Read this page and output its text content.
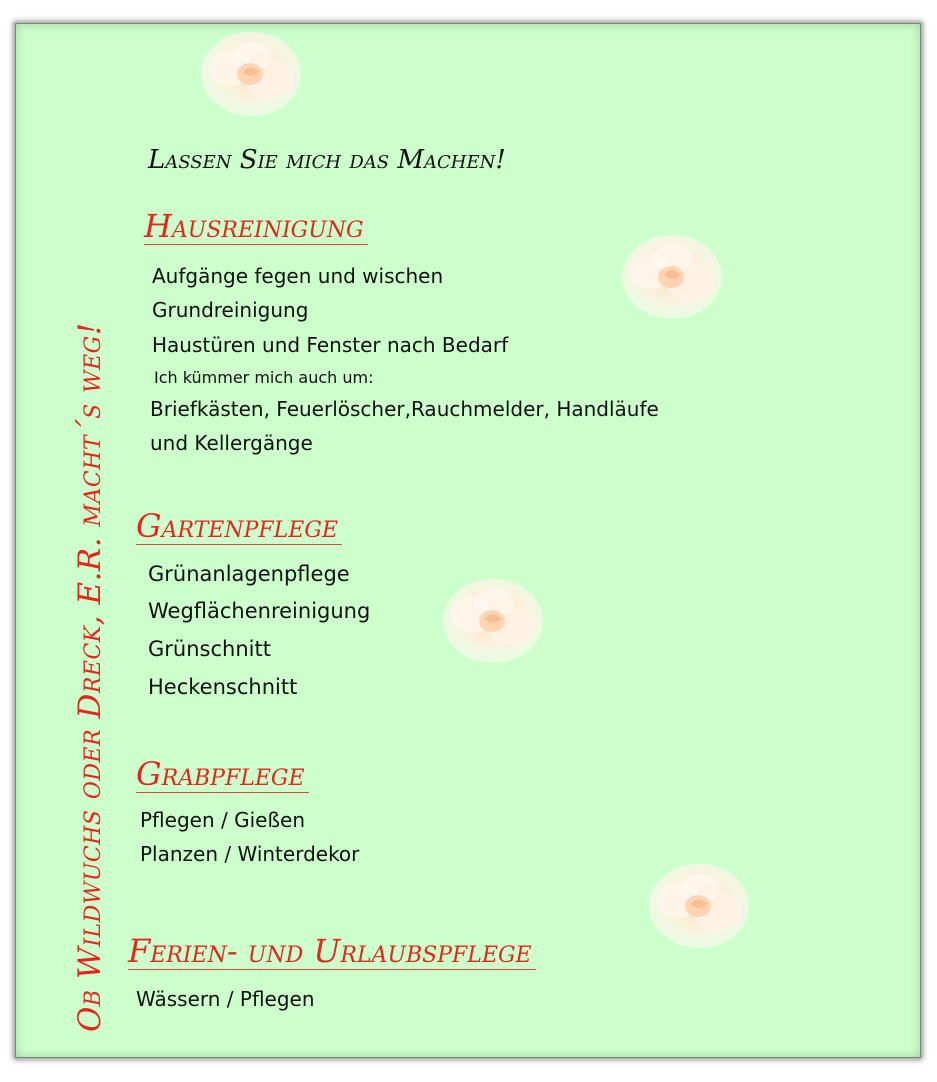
Ob Wildwuchs oder Dreck, E.R. macht´s weg!
Lassen Sie mich das Machen!
Hausreinigung
Aufgänge fegen und wischen
Grundreinigung
Haustüren und Fenster nach Bedarf
Ich kümmer mich auch um:
Briefkästen, Feuerlöscher,Rauchmelder, Handläufe
und Kellergänge
Gartenpflege
Grünanlagenpflege
Wegflächenreinigung
Grünschnitt
Heckenschnitt
Grabpflege
Pflegen / Gießen
Planzen / Winterdekor
Ferien- und Urlaubspflege
Wässern / Pflegen
